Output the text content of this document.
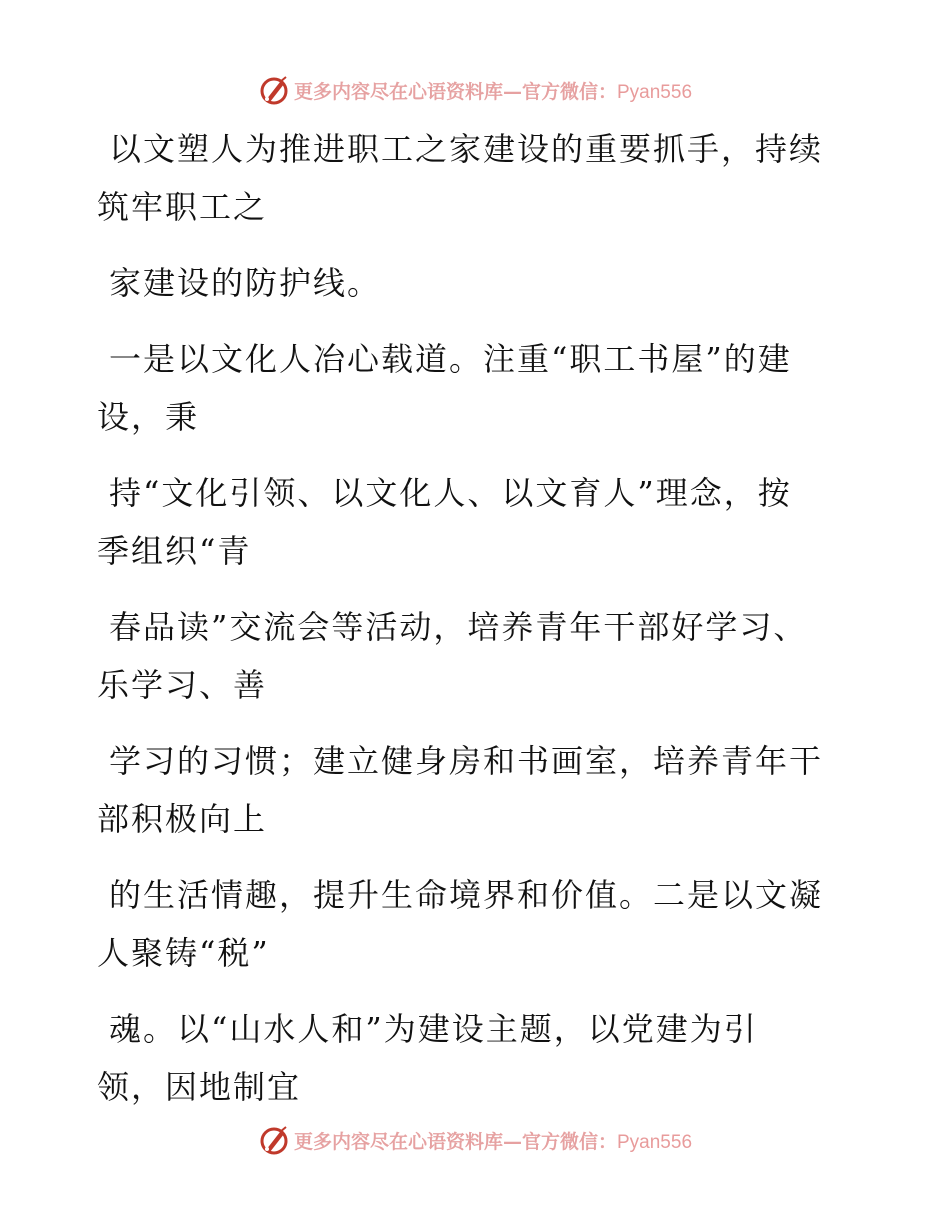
更多内容尽在心语资料库—官方微信：Pyan556

以文塑人为推进职工之家建设的重要抓手，持续
筑牢职工之

家建设的防护线。

一是以文化人冶心载道。注重“职工书屋”的建
设，秉

持“文化引领、以文化人、以文育人”理念，按
季组织“青

春品读”交流会等活动，培养青年干部好学习、
乐学习、善

学习的习惯；建立健身房和书画室，培养青年干
部积极向上

的生活情趣，提升生命境界和价值。二是以文凝
人聚铸“税”

魂。以“山水人和”为建设主题，以党建为引
领，因地制宜

更多内容尽在心语资料库—官方微信：Pyan556
